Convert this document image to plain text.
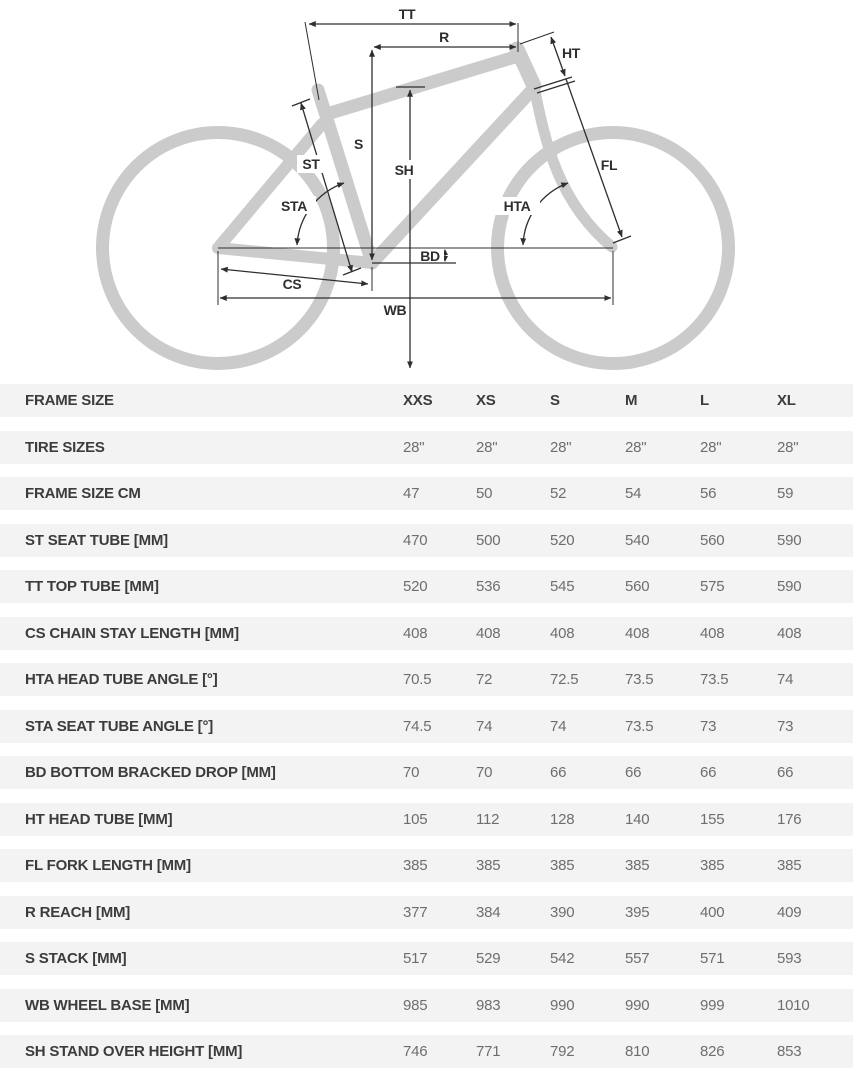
TT
R
HT
S
SH
ST
STA	HTA
FL
BD
CS
WB
FRAME SIZE	XXS	XS	S	M	L	XL
TIRE SIZES	28"	28"	28"	28"	28"	28"
FRAME SIZE CM	47	50	52	54	56	59
ST SEAT TUBE [MM]	470	500	520	540	560	590
TT TOP TUBE [MM]	520	536	545	560	575	590
CS CHAIN STAY LENGTH [MM]	408	408	408	408	408	408
HTA HEAD TUBE ANGLE [°]	70.5	72	72.5	73.5	73.5	74
STA SEAT TUBE ANGLE [°]	74.5	74	74	73.5	73	73
BD BOTTOM BRACKED DROP [MM]	70	70	66	66	66	66
HT HEAD TUBE [MM]	105	112	128	140	155	176
FL FORK LENGTH [MM]	385	385	385	385	385	385
R REACH [MM]	377	384	390	395	400	409
S STACK [MM]	517	529	542	557	571	593
WB WHEEL BASE [MM]	985	983	990	990	999	1010
SH STAND OVER HEIGHT [MM]	746	771	792	810	826	853
